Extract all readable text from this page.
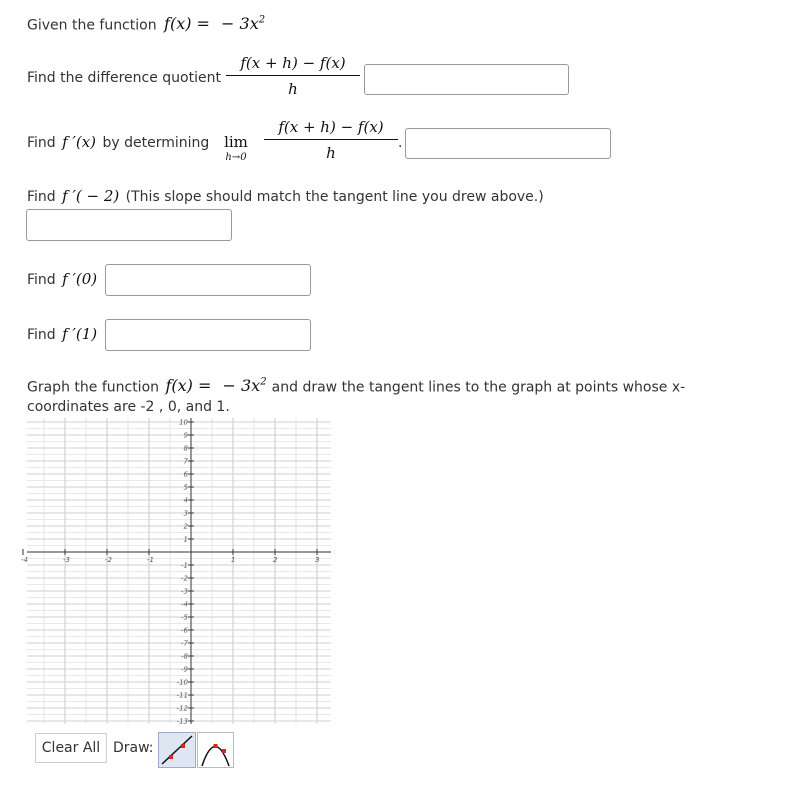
Given the function f(x) = − $3x^2$
Find the difference quotient
f(x + h) − f(x)
h
Find f ′(x) by determining lim
h→0
f(x + h) − f(x)
h
.
Find f ′( − 2) (This slope should match the tangent line you drew above.)
Find f ′(0)
Find f ′(1)
Graph the function f(x) = − $3x^2$ and draw the tangent lines to the graph at points whose x-
coordinates are -2 , 0, and 1.
-4	-3	-2	-1	1	2	3
10
9
8
7
6
5
4
3
2
1
-1
-2
-3
-4
-5
-6
-7
-8
-9
-10
-11
-12
-13
Clear All Draw:
